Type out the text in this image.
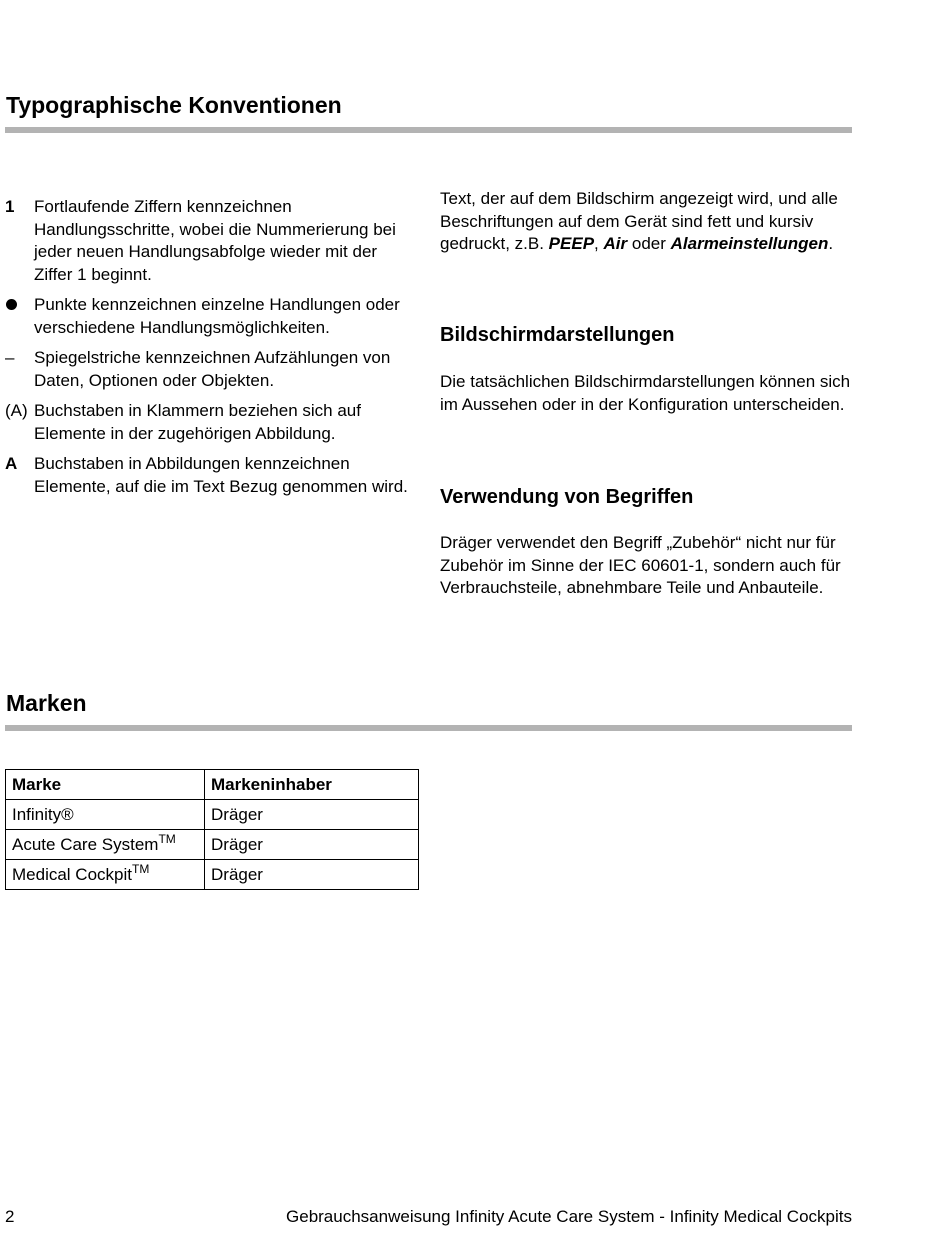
Typographische Konventionen
1	Fortlaufende Ziffern kennzeichnen Handlungsschritte, wobei die Nummerierung bei jeder neuen Handlungsabfolge wieder mit der Ziffer 1 beginnt.
Punkte kennzeichnen einzelne Handlungen oder verschiedene Handlungsmöglichkeiten.
–	Spiegelstriche kennzeichnen Aufzählungen von Daten, Optionen oder Objekten.
(A) Buchstaben in Klammern beziehen sich auf Elemente in der zugehörigen Abbildung.
A Buchstaben in Abbildungen kennzeichnen Elemente, auf die im Text Bezug genommen wird.

Text, der auf dem Bildschirm angezeigt wird, und alle Beschriftungen auf dem Gerät sind fett und kursiv gedruckt, z.B. PEEP, Air oder Alarmeinstellungen.

Bildschirmdarstellungen

Die tatsächlichen Bildschirmdarstellungen können sich im Aussehen oder in der Konfiguration unterscheiden.

Verwendung von Begriffen

Dräger verwendet den Begriff „Zubehör“ nicht nur für Zubehör im Sinne der IEC 60601-1, sondern auch für Verbrauchsteile, abnehmbare Teile und Anbauteile.

Marken
Marke	Markeninhaber
Infinity®	Dräger
Acute Care System™	Dräger
Medical Cockpit™	Dräger
2	Gebrauchsanweisung Infinity Acute Care System - Infinity Medical Cockpits
